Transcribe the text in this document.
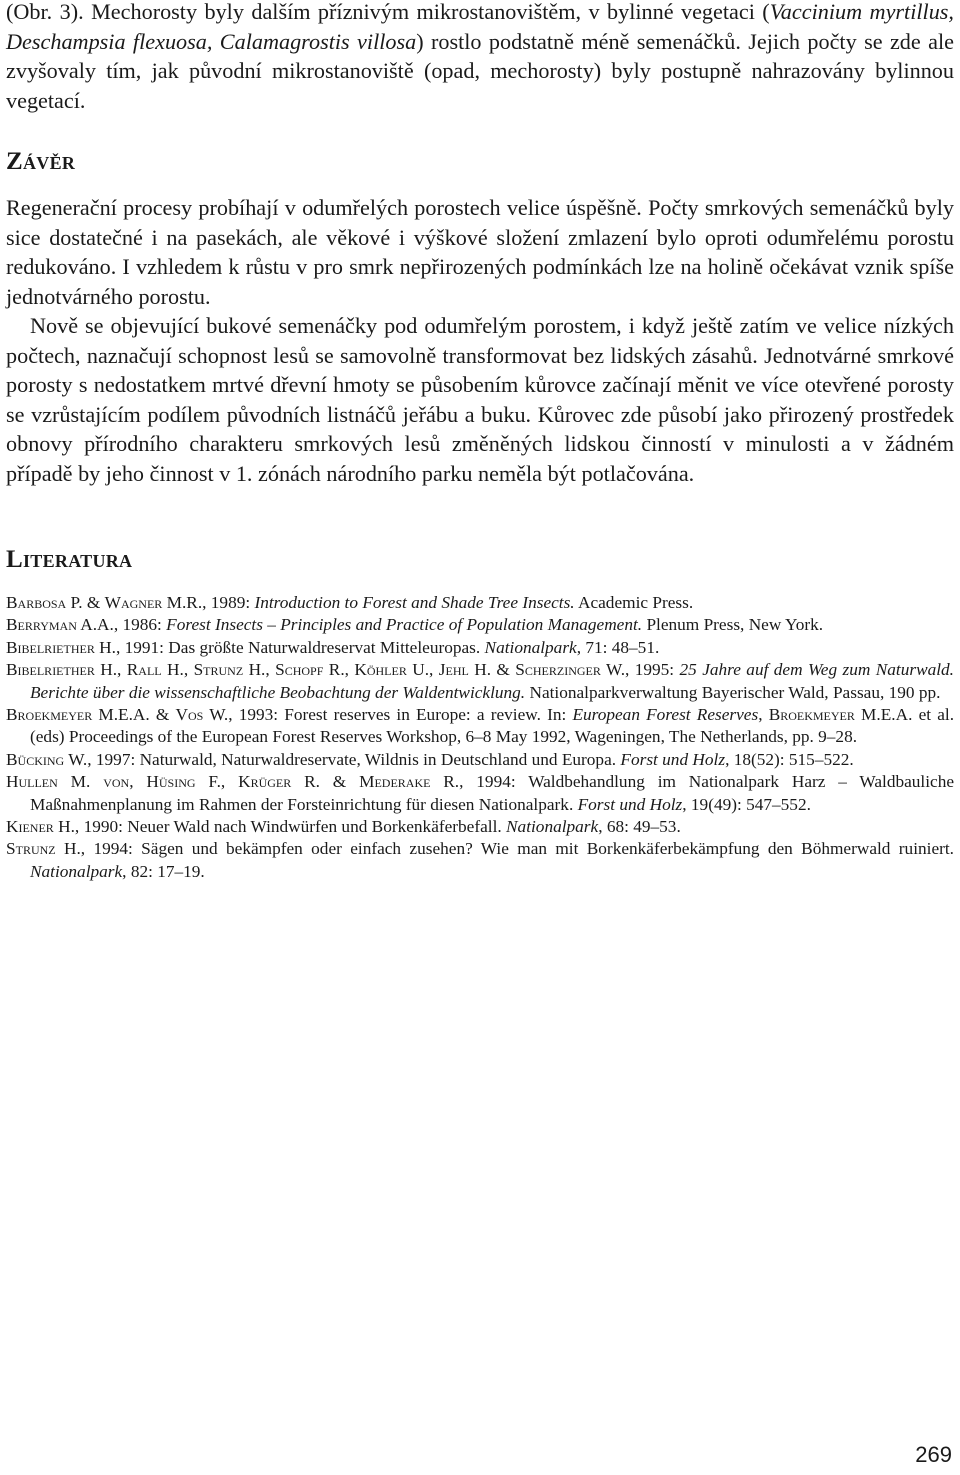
(Obr. 3). Mechorosty byly dalším příznivým mikrostanovištěm, v bylinné vegetaci (Vaccinium myrtillus, Deschampsia flexuosa, Calamagrostis villosa) rostlo podstatně méně semenáčků. Jejich počty se zde ale zvyšovaly tím, jak původní mikrostanoviště (opad, mechorosty) byly postupně nahrazovány bylinnou vegetací.

Závěr

Regenerační procesy probíhají v odumřelých porostech velice úspěšně. Počty smrkových semenáčků byly sice dostatečné i na pasekách, ale věkové i výškové složení zmlazení bylo oproti odumřelému porostu redukováno. I vzhledem k růstu v pro smrk nepřirozených podmínkách lze na holině očekávat vznik spíše jednotvárného porostu.

Nově se objevující bukové semenáčky pod odumřelým porostem, i když ještě zatím ve velice nízkých počtech, naznačují schopnost lesů se samovolně transformovat bez lidských zásahů. Jednotvárné smrkové porosty s nedostatkem mrtvé dřevní hmoty se působením kůrovce začínají měnit ve více otevřené porosty se vzrůstajícím podílem původních listnáčů jeřábu a buku. Kůrovec zde působí jako přirozený prostředek obnovy přírodního charakteru smrkových lesů změněných lidskou činností v minulosti a v žádném případě by jeho činnost v 1. zónách národního parku neměla být potlačována.

Literatura

Barbosa P. & Wagner M.R., 1989: Introduction to Forest and Shade Tree Insects. Academic Press.

Berryman A.A., 1986: Forest Insects – Principles and Practice of Population Management. Plenum Press, New York.

Bibelriether H., 1991: Das größte Naturwaldreservat Mitteleuropas. Nationalpark, 71: 48–51.

Bibelriether H., Rall H., Strunz H., Schopf R., Köhler U., Jehl H. & Scherzinger W., 1995: 25 Jahre auf dem Weg zum Naturwald. Berichte über die wissenschaftliche Beobachtung der Waldentwicklung. Nationalparkverwaltung Bayerischer Wald, Passau, 190 pp.

Broekmeyer M.E.A. & Vos W., 1993: Forest reserves in Europe: a review. In: European Forest Reserves, Broekmeyer M.E.A. et al. (eds) Proceedings of the European Forest Reserves Workshop, 6–8 May 1992, Wageningen, The Netherlands, pp. 9–28.

Bücking W., 1997: Naturwald, Naturwaldreservate, Wildnis in Deutschland und Europa. Forst und Holz, 18(52): 515–522.

Hullen M. von, Hüsing F., Krüger R. & Mederake R., 1994: Waldbehandlung im Nationalpark Harz – Waldbauliche Maßnahmenplanung im Rahmen der Forsteinrichtung für diesen Nationalpark. Forst und Holz, 19(49): 547–552.

Kiener H., 1990: Neuer Wald nach Windwürfen und Borkenkäferbefall. Nationalpark, 68: 49–53.

Strunz H., 1994: Sägen und bekämpfen oder einfach zusehen? Wie man mit Borkenkäferbekämpfung den Böhmerwald ruiniert. Nationalpark, 82: 17–19.

269
